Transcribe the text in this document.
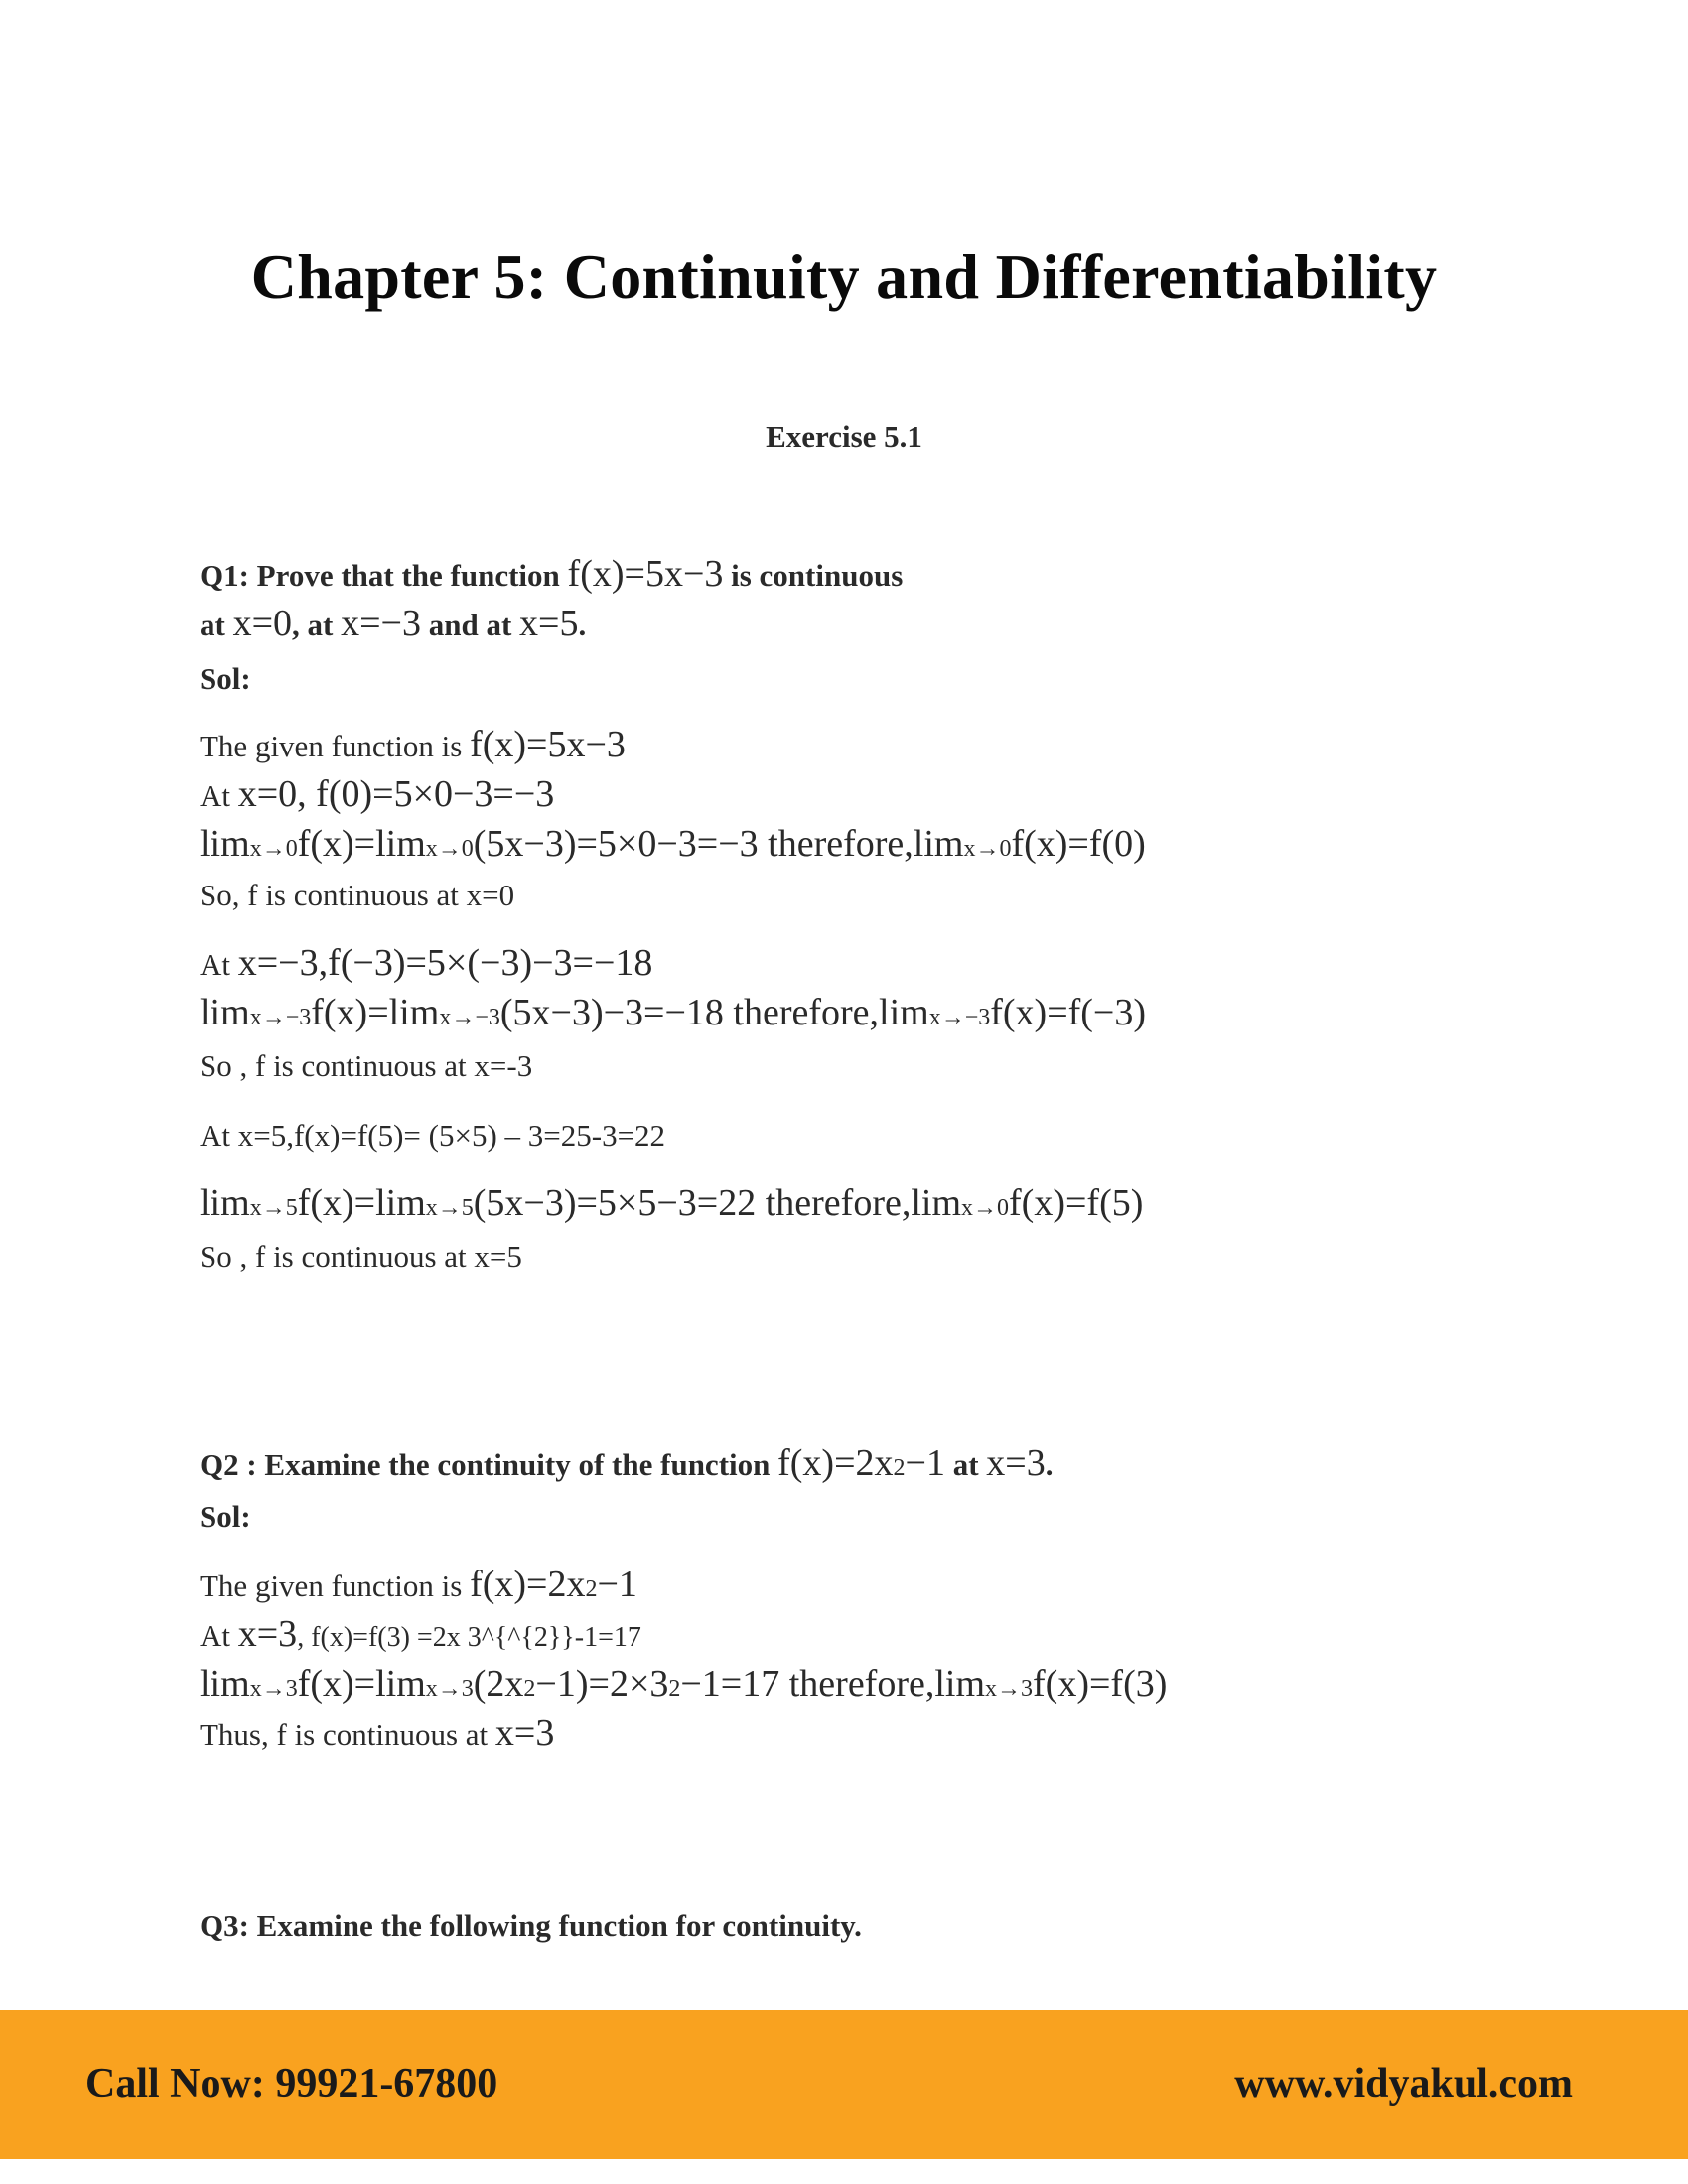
Chapter 5: Continuity and Differentiability
Exercise 5.1
Q1: Prove that the function f(x)=5x−3 is continuous
at x=0, at x=−3 and at x=5.
Sol:
The given function is f(x)=5x−3
At x=0, f(0)=5×0−3=−3
limx→0f(x)=limx→0(5x−3)=5×0−3=−3 therefore,limx→0f(x)=f(0)
So, f is continuous at x=0
At x=−3,f(−3)=5×(−3)−3=−18
limx→−3f(x)=limx→−3(5x−3)−3=−18 therefore,limx→−3f(x)=f(−3)
So , f is continuous at x=-3
At x=5,f(x)=f(5)= (5×5) – 3=25-3=22
limx→5f(x)=limx→5(5x−3)=5×5−3=22 therefore,limx→0f(x)=f(5)
So , f is continuous at x=5
Q2 : Examine the continuity of the function f(x)=2x2−1 at x=3.
Sol:
The given function is f(x)=2x2−1
At x=3, f(x)=f(3) =2x 3^{^{2}}-1=17
limx→3f(x)=limx→3(2x2−1)=2×32−1=17 therefore,limx→3f(x)=f(3)
Thus, f is continuous at x=3
Q3: Examine the following function for continuity.
Call Now: 99921-67800	www.vidyakul.com
